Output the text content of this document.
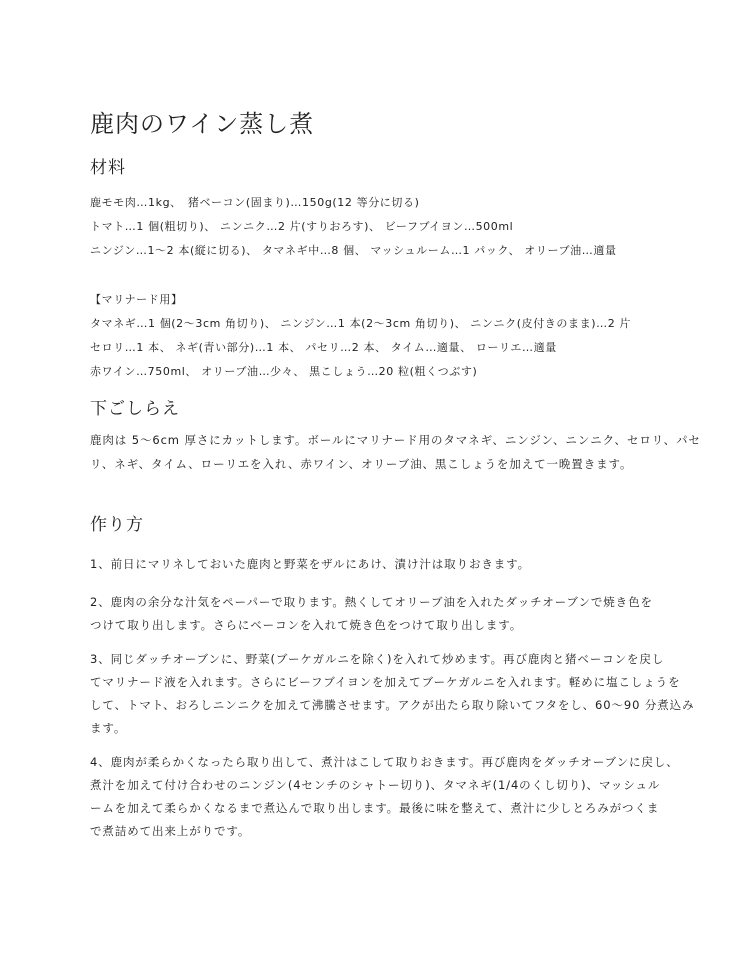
鹿肉のワイン蒸し煮
材料
鹿モモ肉…1kg、　猪ベーコン(固まり)…150g(12 等分に切る)
トマト…1 個(粗切り)、 ニンニク…2 片(すりおろす)、 ビーフブイヨン…500ml
ニンジン…1～2 本(縦に切る)、 タマネギ中…8 個、 マッシュルーム…1 パック、 オリーブ油…適量
【マリナード用】
タマネギ…1 個(2～3cm 角切り)、 ニンジン…1 本(2～3cm 角切り)、 ニンニク(皮付きのまま)…2 片
セロリ…1 本、 ネギ(青い部分)…1 本、 パセリ…2 本、 タイム…適量、 ローリエ…適量
赤ワイン…750ml、 オリーブ油…少々、 黒こしょう…20 粒(粗くつぶす)
下ごしらえ
鹿肉は 5～6cm 厚さにカットします。ボールにマリナード用のタマネギ、ニンジン、ニンニク、セロリ、パセ
リ、ネギ、タイム、ローリエを入れ、赤ワイン、オリーブ油、黒こしょうを加えて一晩置きます。
作り方
1、前日にマリネしておいた鹿肉と野菜をザルにあけ、漬け汁は取りおきます。
2、鹿肉の余分な汁気をペーパーで取ります。熱くしてオリーブ油を入れたダッチオーブンで焼き色を
つけて取り出します。さらにベーコンを入れて焼き色をつけて取り出します。
3、同じダッチオーブンに、野菜(ブーケガルニを除く)を入れて炒めます。再び鹿肉と猪ベーコンを戻し
てマリナード液を入れます。さらにビーフブイヨンを加えてブーケガルニを入れます。軽めに塩こしょうを
して、トマト、おろしニンニクを加えて沸騰させます。アクが出たら取り除いてフタをし、60～90 分煮込み
ます。
4、鹿肉が柔らかくなったら取り出して、煮汁はこして取りおきます。再び鹿肉をダッチオーブンに戻し、
煮汁を加えて付け合わせのニンジン(4センチのシャトー切り)、タマネギ(1/4のくし切り)、マッシュル
ームを加えて柔らかくなるまで煮込んで取り出します。最後に味を整えて、煮汁に少しとろみがつくま
で煮詰めて出来上がりです。
